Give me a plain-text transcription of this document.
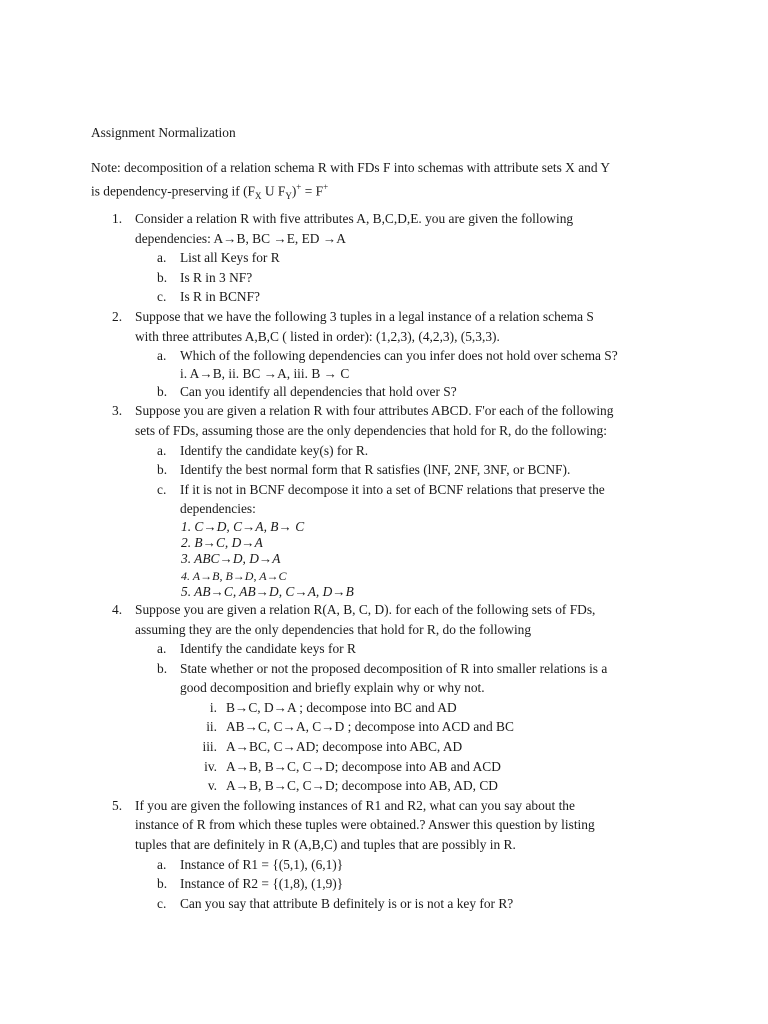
Assignment Normalization
Note: decomposition of a relation schema R with FDs F into schemas with attribute sets X and Y
is dependency-preserving if ($F_X$ U $F_Y)^+ = F^+$
1. Consider a relation R with five attributes A, B,C,D,E. you are given the following
dependencies: A→B, BC →E, ED →A
a. List all Keys for R
b. Is R in 3 NF?
c. Is R in BCNF?
2. Suppose that we have the following 3 tuples in a legal instance of a relation schema S
with three attributes A,B,C ( listed in order): (1,2,3), (4,2,3), (5,3,3).
a. Which of the following dependencies can you infer does not hold over schema S?
i. A→B, ii. BC →A, iii. B → C
b. Can you identify all dependencies that hold over S?
3. Suppose you are given a relation R with four attributes ABCD. F'or each of the following
sets of FDs, assuming those are the only dependencies that hold for R, do the following:
a. Identify the candidate key(s) for R.
b. Identify the best normal form that R satisfies (lNF, 2NF, 3NF, or BCNF).
c. If it is not in BCNF decompose it into a set of BCNF relations that preserve the
dependencies:
1. C→D, C→A, B→ C
2. B→C, D→A
3. ABC→D, D→A
4. A→B, B→D, A→C
5. AB→C, AB→D, C→A, D→B
4. Suppose you are given a relation R(A, B, C, D). for each of the following sets of FDs,
assuming they are the only dependencies that hold for R, do the following
a. Identify the candidate keys for R
b. State whether or not the proposed decomposition of R into smaller relations is a
good decomposition and briefly explain why or why not.
i. B→C, D→A ; decompose into BC and AD
ii. AB→C, C→A, C→D ; decompose into ACD and BC
iii. A→BC, C→AD; decompose into ABC, AD
iv. A→B, B→C, C→D; decompose into AB and ACD
v. A→B, B→C, C→D; decompose into AB, AD, CD
5. If you are given the following instances of R1 and R2, what can you say about the
instance of R from which these tuples were obtained.? Answer this question by listing
tuples that are definitely in R (A,B,C) and tuples that are possibly in R.
a. Instance of R1 = {(5,1), (6,1)}
b. Instance of R2 = {(1,8), (1,9)}
c. Can you say that attribute B definitely is or is not a key for R?
